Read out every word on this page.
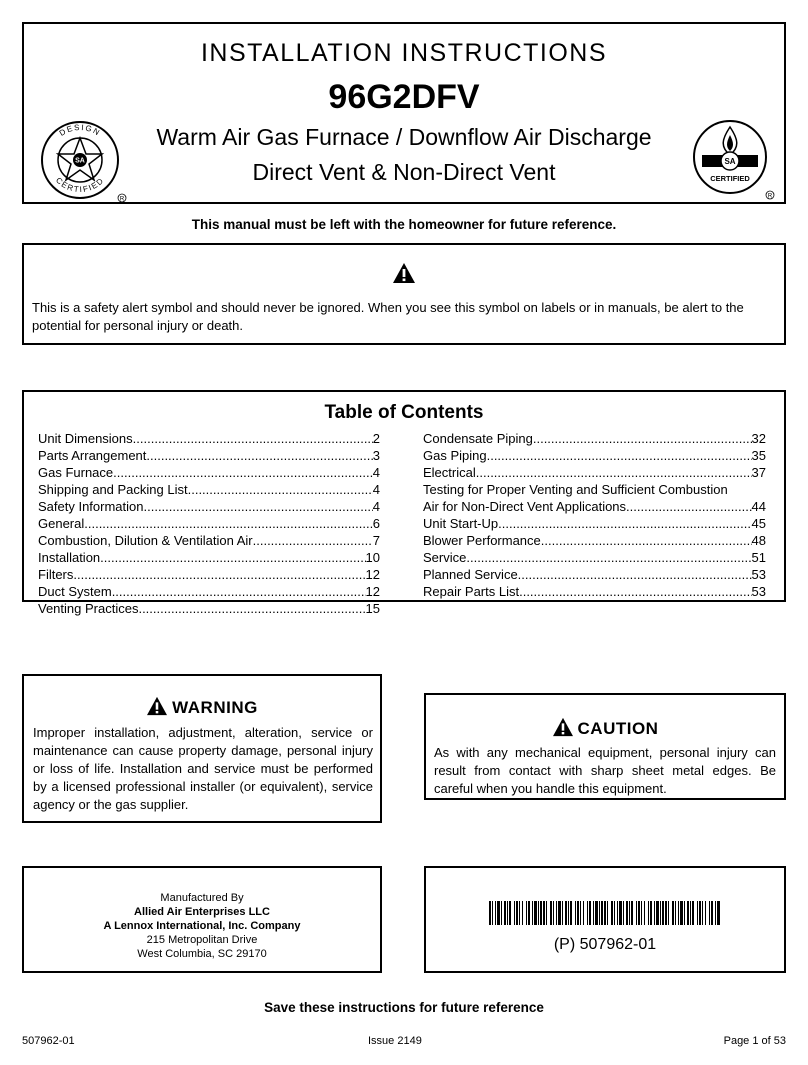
SA
DESIGN
CERTIFIED
R
INSTALLATION INSTRUCTIONS
96G2DFV
Warm Air Gas Furnace / Downflow Air Discharge
Direct Vent & Non-Direct Vent	SA
CERTIFIED
R
This manual must be left with the homeowner for future reference.
This is a safety alert symbol and should never be ignored. When you see this symbol on labels or in manuals, be alert to the potential for personal injury or death.
Table of Contents
Unit Dimensions .....	2
Parts Arrangement .....	3
Gas Furnace .....	4
Shipping and Packing List .....	4
Safety Information .....	4
General .....	6
Combustion, Dilution & Ventilation Air .....	7
Installation .....	10
Filters .....	12
Duct System .....	12
Venting Practices .....	15
Condensate Piping .....	32
Gas Piping .....	35
Electrical .....	37
Testing for Proper Venting and Sufficient Combustion
Air for Non-Direct Vent Applications .....	44
Unit Start-Up .....	45
Blower Performance .....	48
Service .....	51
Planned Service .....	53
Repair Parts List .....	53
WARNING
Improper installation, adjustment, alteration, service or maintenance can cause property damage, personal injury or loss of life. Installation and service must be performed by a licensed professional installer (or equivalent), service agency or the gas supplier.
CAUTION
As with any mechanical equipment, personal injury can result from contact with sharp sheet metal edges. Be careful when you handle this equipment.
Manufactured By
Allied Air Enterprises LLC
A Lennox International, Inc. Company
215 Metropolitan Drive
West Columbia, SC 29170
(P) 507962-01
Save these instructions for future reference
507962-01	Issue 2149	Page 1 of 53
